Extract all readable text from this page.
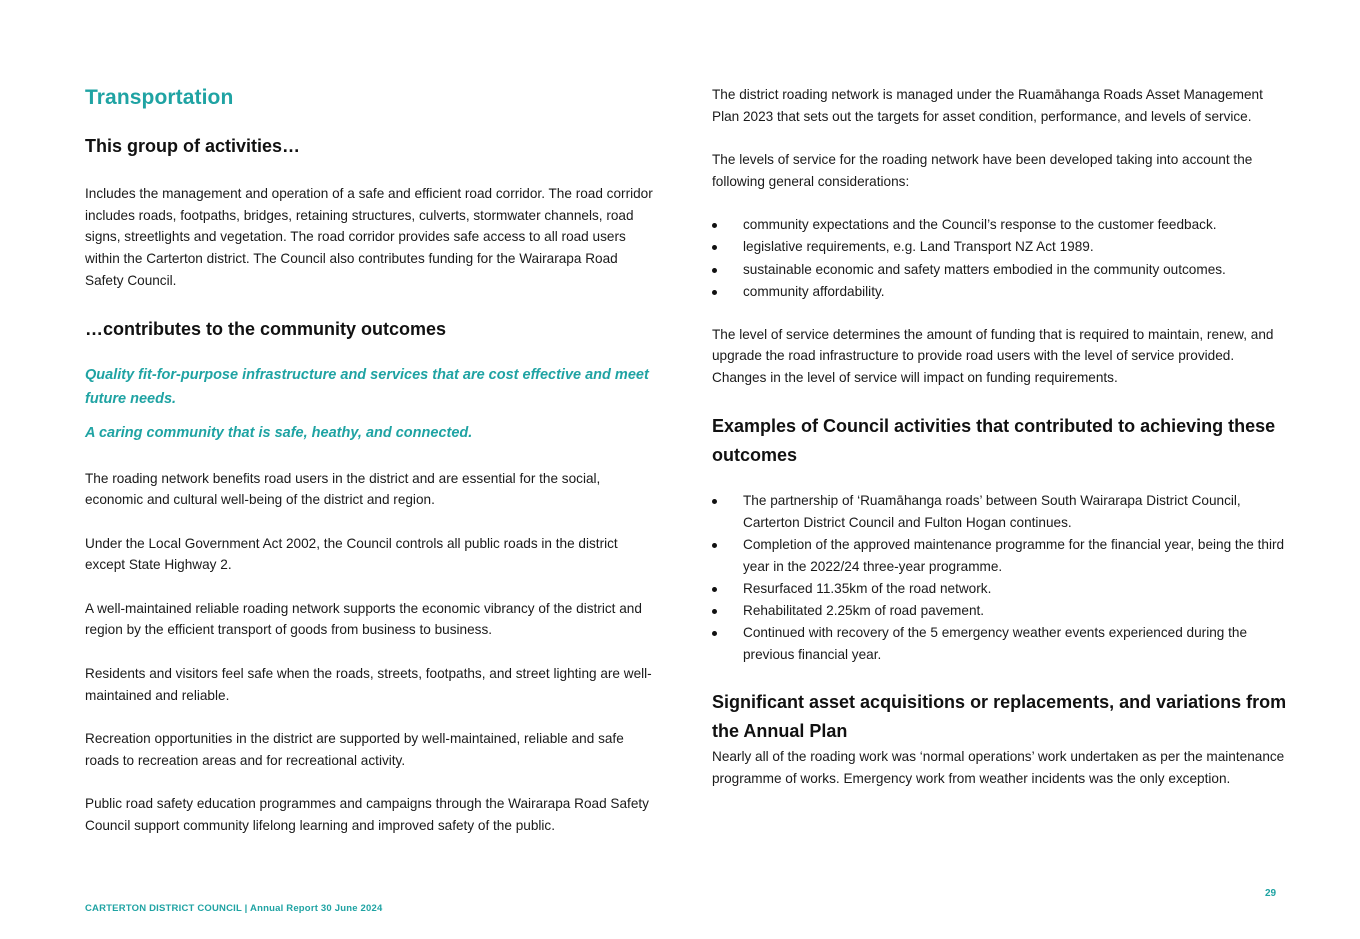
Transportation
This group of activities…

Includes the management and operation of a safe and efficient road corridor. The road corridor includes roads, footpaths, bridges, retaining structures, culverts, stormwater channels, road signs, streetlights and vegetation. The road corridor provides safe access to all road users within the Carterton district. The Council also contributes funding for the Wairarapa Road Safety Council.

…contributes to the community outcomes

Quality fit-for-purpose infrastructure and services that are cost effective and meet future needs.

A caring community that is safe, heathy, and connected.

The roading network benefits road users in the district and are essential for the social, economic and cultural well-being of the district and region.

Under the Local Government Act 2002, the Council controls all public roads in the district except State Highway 2.

A well-maintained reliable roading network supports the economic vibrancy of the district and region by the efficient transport of goods from business to business.

Residents and visitors feel safe when the roads, streets, footpaths, and street lighting are well-maintained and reliable.

Recreation opportunities in the district are supported by well-maintained, reliable and safe roads to recreation areas and for recreational activity.

Public road safety education programmes and campaigns through the Wairarapa Road Safety Council support community lifelong learning and improved safety of the public.

The district roading network is managed under the Ruamāhanga Roads Asset Management Plan 2023 that sets out the targets for asset condition, performance, and levels of service.

The levels of service for the roading network have been developed taking into account the following general considerations:

community expectations and the Council’s response to the customer feedback.
legislative requirements, e.g. Land Transport NZ Act 1989.
sustainable economic and safety matters embodied in the community outcomes.
community affordability.

The level of service determines the amount of funding that is required to maintain, renew, and upgrade the road infrastructure to provide road users with the level of service provided. Changes in the level of service will impact on funding requirements.

Examples of Council activities that contributed to achieving these outcomes
The partnership of ‘Ruamāhanga roads’ between South Wairarapa District Council, Carterton District Council and Fulton Hogan continues.
Completion of the approved maintenance programme for the financial year, being the third year in the 2022/24 three-year programme.
Resurfaced 11.35km of the road network.
Rehabilitated 2.25km of road pavement.
Continued with recovery of the 5 emergency weather events experienced during the previous financial year.
Significant asset acquisitions or replacements, and variations from the Annual Plan

Nearly all of the roading work was ‘normal operations’ work undertaken as per the maintenance programme of works. Emergency work from weather incidents was the only exception.

CARTERTON DISTRICT COUNCIL | Annual Report 30 June 2024
29
